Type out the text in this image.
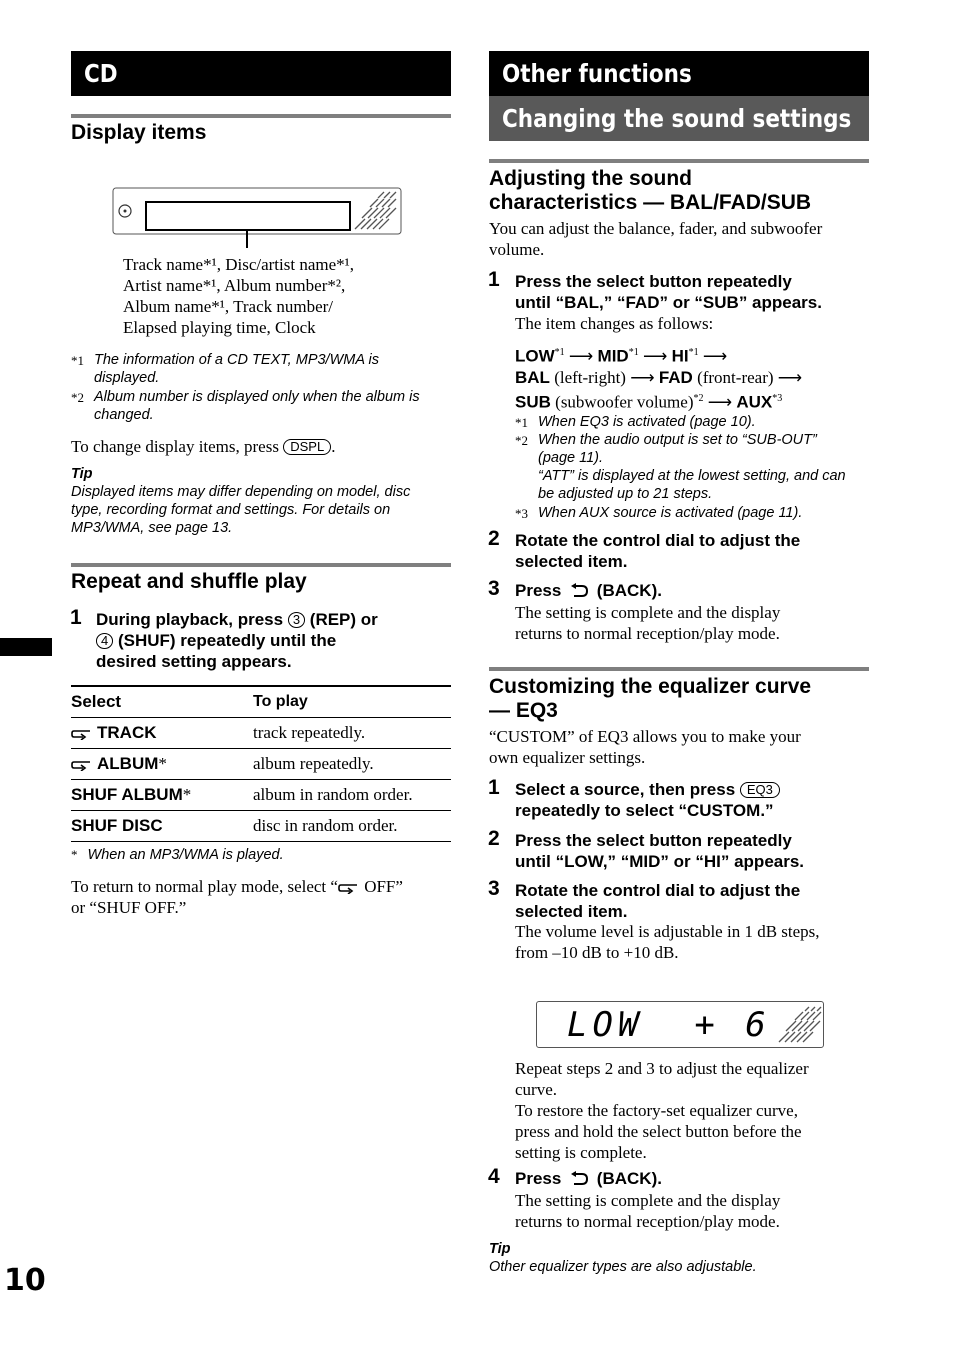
CD
Display items
Track name*¹, Disc/artist name*¹,
Artist name*¹, Album number*²,
Album name*¹, Track number/
Elapsed playing time, Clock
*1 The information of a CD TEXT, MP3/WMA is
displayed.
*2 Album number is displayed only when the album is
changed.
To change display items, press DSPL .
Tip
Displayed items may differ depending on model, disc
type, recording format and settings. For details on
MP3/WMA, see page 13.
Repeat and shuffle play
1 During playback, press 3 (REP) or
4 (SHUF) repeatedly until the
desired setting appears.
Select	To play
TRACK	track repeatedly.
ALBUM*	album repeatedly.
SHUF ALBUM*	album in random order.
SHUF DISC	disc in random order.
* When an MP3/WMA is played.
To return to normal play mode, select “ OFF”
or “SHUF OFF.”
10
Other functions
Changing the sound settings
Adjusting the sound
characteristics — BAL/FAD/SUB
You can adjust the balance, fader, and subwoofer
volume.
1 Press the select button repeatedly
until “BAL,” “FAD” or “SUB” appears.
The item changes as follows:
LOW$^{*1}$ ⟶ MID$^{*1}$ ⟶ HI$^{*1}$ ⟶
BAL (left-right) ⟶ FAD (front-rear) ⟶
SUB (subwoofer volume)$^{*2}$ ⟶ AUX$^{*3}$
*1 When EQ3 is activated (page 10).
*2 When the audio output is set to “SUB-OUT”
(page 11).
“ATT” is displayed at the lowest setting, and can
be adjusted up to 21 steps.
*3 When AUX source is activated (page 11).
2 Rotate the control dial to adjust the
selected item.
3 Press (BACK).
The setting is complete and the display
returns to normal reception/play mode.
Customizing the equalizer curve
— EQ3
“CUSTOM” of EQ3 allows you to make your
own equalizer settings.
1 Select a source, then press EQ3
repeatedly to select “CUSTOM.”
2 Press the select button repeatedly
until “LOW,” “MID” or “HI” appears.
3 Rotate the control dial to adjust the
selected item.
The volume level is adjustable in 1 dB steps,
from –10 dB to +10 dB.
LOW  + 6
Repeat steps 2 and 3 to adjust the equalizer
curve.
To restore the factory-set equalizer curve,
press and hold the select button before the
setting is complete.
4 Press (BACK).
The setting is complete and the display
returns to normal reception/play mode.
Tip
Other equalizer types are also adjustable.
